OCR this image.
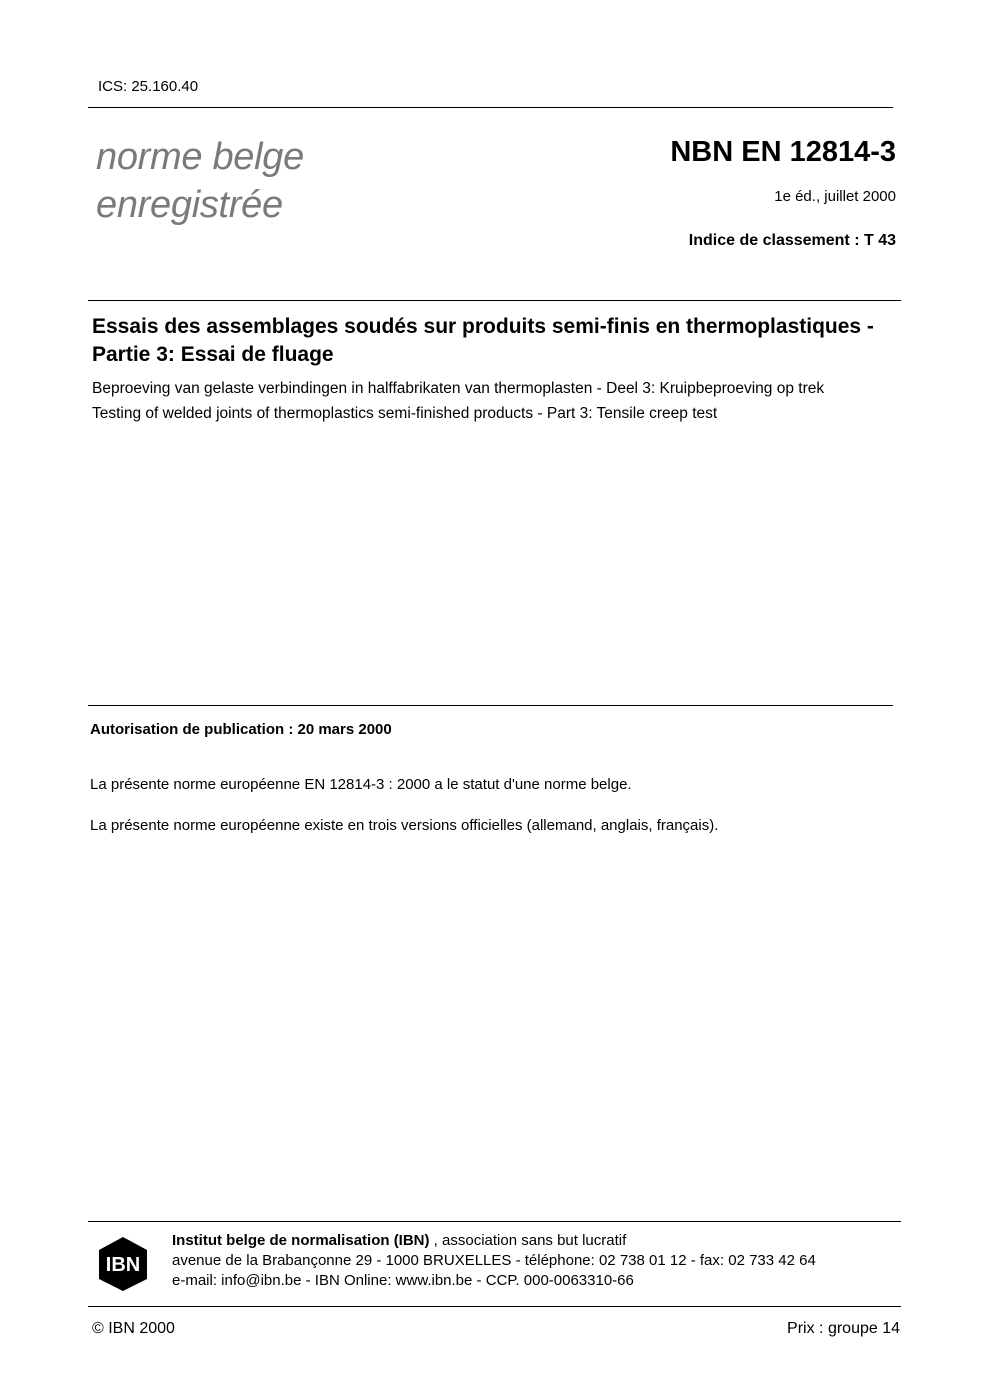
ICS: 25.160.40
norme belge
enregistrée
NBN EN 12814-3
1e éd., juillet 2000
Indice de classement : T 43
Essais des assemblages soudés sur produits semi-finis en thermoplastiques - Partie 3: Essai de fluage
Beproeving van gelaste verbindingen in halffabrikaten van thermoplasten - Deel 3: Kruipbeproeving op trek
Testing of welded joints of thermoplastics semi-finished products - Part 3: Tensile creep test
Autorisation de publication : 20 mars 2000
La présente norme européenne EN 12814-3 : 2000 a le statut d'une norme belge.
La présente norme européenne existe en trois versions officielles (allemand, anglais, français).
IBN
Institut belge de normalisation (IBN) , association sans but lucratif
avenue de la Brabançonne 29 - 1000 BRUXELLES - téléphone: 02 738 01 12 - fax: 02 733 42 64
e-mail: info@ibn.be - IBN Online: www.ibn.be - CCP. 000-0063310-66
© IBN 2000	Prix : groupe 14
